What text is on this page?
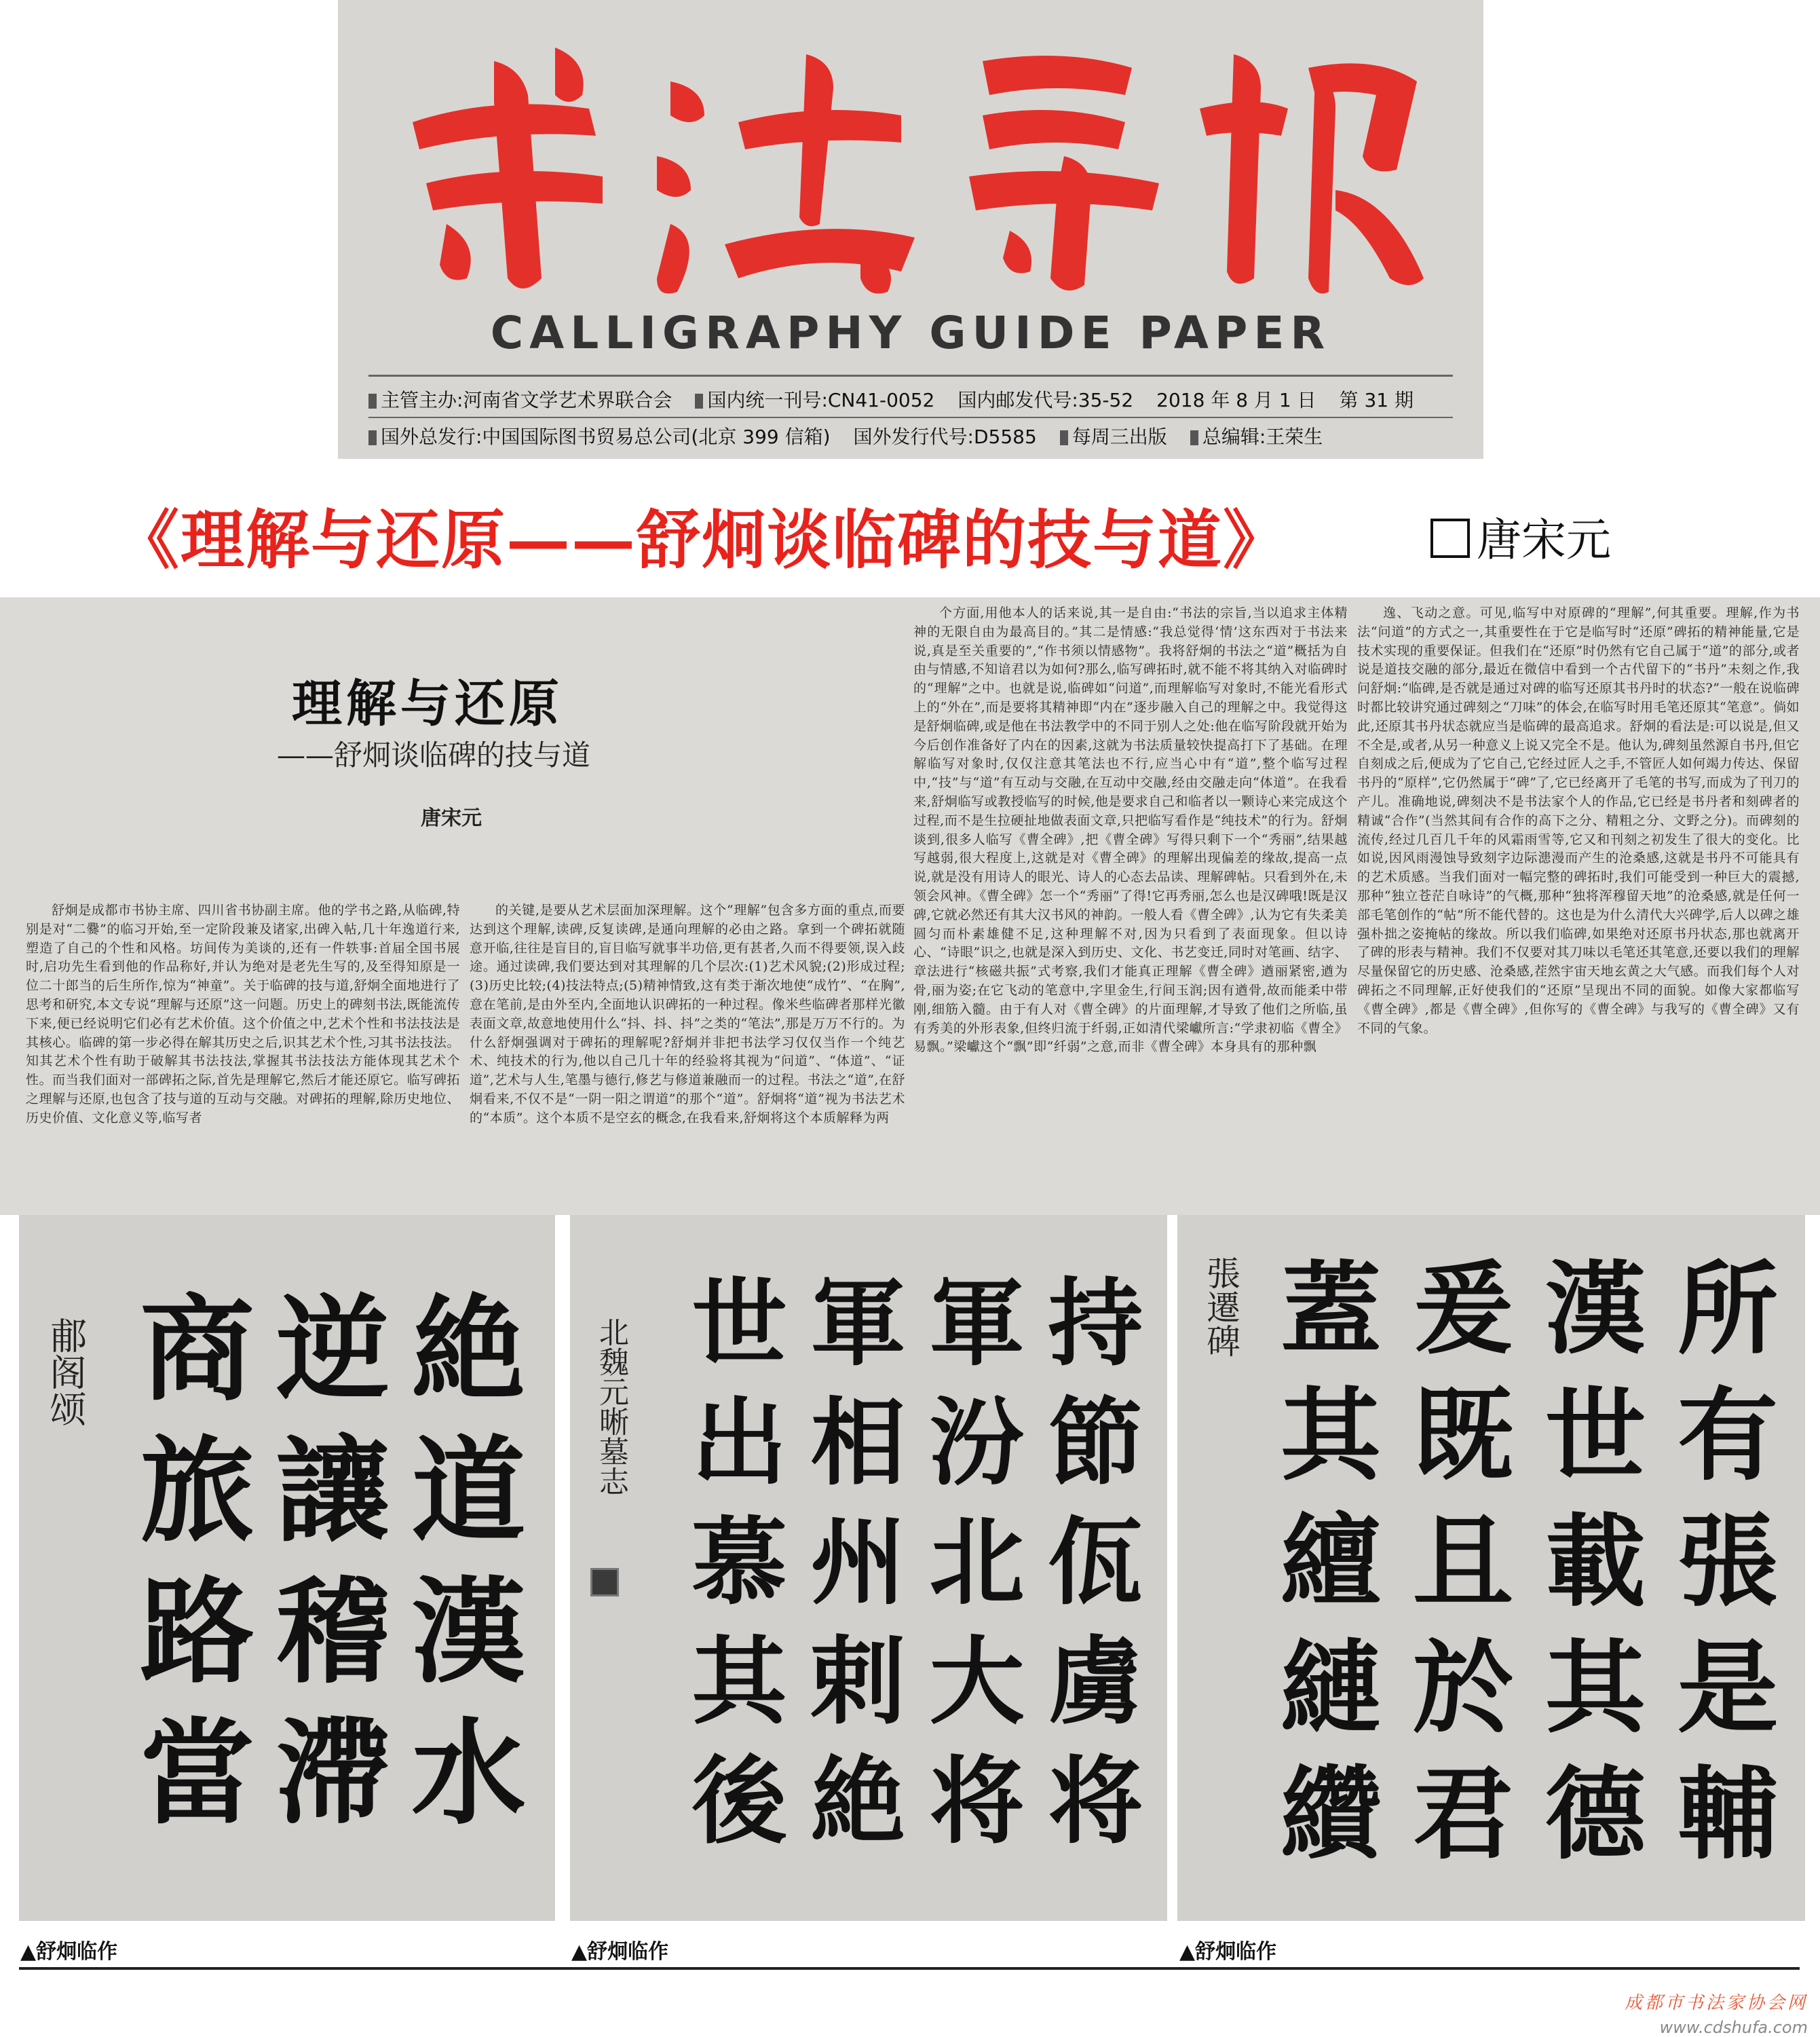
CALLIGRAPHY GUIDE PAPER
主管主办:河南省文学艺术界联合会	国内统一刊号:CN41-0052 国内邮发代号:35-52 2018 年 8 月 1 日 第 31 期
国外总发行:中国国际图书贸易总公司(北京 399 信箱) 国外发行代号:D5585	每周三出版	总编辑:王荣生
《理解与还原——舒炯谈临碑的技与道》	唐宋元
理解与还原
——舒炯谈临碑的技与道
唐宋元

舒炯是成都市书协主席、四川省书协副主席。他的学书之路,从临碑,特别是对“二爨”的临习开始,至一定阶段兼及诸家,出碑入帖,几十年逸道行来,塑造了自己的个性和风格。坊间传为美谈的,还有一件轶事:首届全国书展时,启功先生看到他的作品称好,并认为绝对是老先生写的,及至得知原是一位二十郎当的后生所作,惊为“神童”。关于临碑的技与道,舒炯全面地进行了思考和研究,本文专说“理解与还原”这一问题。历史上的碑刻书法,既能流传下来,便已经说明它们必有艺术价值。这个价值之中,艺术个性和书法技法是其核心。临碑的第一步必得在解其历史之后,识其艺术个性,习其书法技法。知其艺术个性有助于破解其书法技法,掌握其书法技法方能体现其艺术个性。而当我们面对一部碑拓之际,首先是理解它,然后才能还原它。临写碑拓之理解与还原,也包含了技与道的互动与交融。对碑拓的理解,除历史地位、历史价值、文化意义等,临写者

的关键,是要从艺术层面加深理解。这个“理解”包含多方面的重点,而要达到这个理解,读碑,反复读碑,是通向理解的必由之路。拿到一个碑拓就随意开临,往往是盲目的,盲目临写就事半功倍,更有甚者,久而不得要领,误入歧途。通过读碑,我们要达到对其理解的几个层次:(1)艺术风貌;(2)形成过程;(3)历史比较;(4)技法特点;(5)精神情致,这有类于渐次地使“成竹”、“在胸”,意在笔前,是由外至内,全面地认识碑拓的一种过程。像米些临碑者那样光徽表面文章,故意地使用什么“抖、抖、抖”之类的“笔法”,那是万万不行的。为什么舒炯强调对于碑拓的理解呢?舒炯并非把书法学习仅仅当作一个纯艺术、纯技术的行为,他以自己几十年的经验将其视为“问道”、“体道”、“证道”,艺术与人生,笔墨与德行,修艺与修道兼融而一的过程。书法之“道”,在舒炯看来,不仅不是“一阴一阳之谓道”的那个“道”。舒炯将“道”视为书法艺术的“本质”。这个本质不是空玄的概念,在我看来,舒炯将这个本质解释为两

个方面,用他本人的话来说,其一是自由:“书法的宗旨,当以追求主体精神的无限自由为最高目的。”其二是情感:“我总觉得‘情’这东西对于书法来说,真是至关重要的”,“作书须以情感物”。我将舒炯的书法之“道”概括为自由与情感,不知谙君以为如何?那么,临写碑拓时,就不能不将其纳入对临碑时的“理解”之中。也就是说,临碑如“问道”,而理解临写对象时,不能光看形式上的“外在”,而是要将其精神即“内在”逐步融入自己的理解之中。我觉得这是舒炯临碑,或是他在书法教学中的不同于别人之处:他在临写阶段就开始为今后创作准备好了内在的因素,这就为书法质量较快提高打下了基础。在理解临写对象时,仅仅注意其笔法也不行,应当心中有“道”,整个临写过程中,“技”与“道”有互动与交融,在互动中交融,经由交融走向“体道”。在我看来,舒炯临写或教授临写的时候,他是要求自己和临者以一颗诗心来完成这个过程,而不是生拉硬扯地做表面文章,只把临写看作是“纯技术”的行为。舒炯谈到,很多人临写《曹全碑》,把《曹全碑》写得只剩下一个“秀丽”,结果越写越弱,很大程度上,这就是对《曹全碑》的理解出现偏差的缘故,提高一点说,就是没有用诗人的眼光、诗人的心态去品读、理解碑帖。只看到外在,未领会风神。《曹全碑》怎一个“秀丽”了得!它再秀丽,怎么也是汉碑哦!既是汉碑,它就必然还有其大汉书风的神韵。一般人看《曹全碑》,认为它有失柔美圆匀而朴素雄健不足,这种理解不对,因为只看到了表面现象。但以诗心、“诗眼”识之,也就是深入到历史、文化、书艺变迁,同时对笔画、结字、章法进行“核磁共振”式考察,我们才能真正理解《曹全碑》遒丽紧密,遒为骨,丽为姿;在它飞动的笔意中,字里金生,行间玉润;因有遒骨,故而能柔中带刚,细筋入髓。由于有人对《曹全碑》的片面理解,才导致了他们之所临,虽有秀美的外形表象,但终归流于纤弱,正如清代梁巘所言:“学隶初临《曹全》易飘。”梁巘这个“飘”即“纤弱”之意,而非《曹全碑》本身具有的那种飘

逸、飞动之意。可见,临写中对原碑的“理解”,何其重要。理解,作为书法“问道”的方式之一,其重要性在于它是临写时“还原”碑拓的精神能量,它是技术实现的重要保证。但我们在“还原”时仍然有它自己属于“道”的部分,或者说是道技交融的部分,最近在微信中看到一个古代留下的“书丹”未刻之作,我问舒炯:“临碑,是否就是通过对碑的临写还原其书丹时的状态?”一般在说临碑时都比较讲究通过碑刻之“刀味”的体会,在临写时用毛笔还原其“笔意”。倘如此,还原其书丹状态就应当是临碑的最高追求。舒炯的看法是:可以说是,但又不全是,或者,从另一种意义上说又完全不是。他认为,碑刻虽然源自书丹,但它自刻成之后,便成为了它自己,它经过匠人之手,不管匠人如何竭力传达、保留书丹的“原样”,它仍然属于“碑”了,它已经离开了毛笔的书写,而成为了刊刀的产儿。准确地说,碑刻决不是书法家个人的作品,它已经是书丹者和刻碑者的精诚“合作”(当然其间有合作的高下之分、精粗之分、文野之分)。而碑刻的流传,经过几百几千年的风霜雨雪等,它又和刊刻之初发生了很大的变化。比如说,因风雨漫蚀导致刻字边际漶漫而产生的沧桑感,这就是书丹不可能具有的艺术质感。当我们面对一幅完整的碑拓时,我们可能受到一种巨大的震撼,那种“独立苍茫自咏诗”的气概,那种“独将浑穆留天地”的沧桑感,就是任何一部毛笔创作的“帖”所不能代替的。这也是为什么清代大兴碑学,后人以碑之雄强朴拙之姿掩帖的缘故。所以我们临碑,如果绝对还原书丹状态,那也就离开了碑的形表与精神。我们不仅要对其刀味以毛笔还其笔意,还要以我们的理解尽量保留它的历史感、沧桑感,茬然宇宙天地玄黄之大气感。而我们每个人对碑拓之不同理解,正好使我们的“还原”呈现出不同的面貌。如像大家都临写《曹全碑》,都是《曹全碑》,但你写的《曹全碑》与我写的《曹全碑》又有不同的气象。

絶道漢水
逆讓稽滯
商旅路當
郙阁颂	持節佤虜将
軍汾北大将
軍相州剌絶
世出慕其後
北魏元晰墓志	所有張是輔
漢世載其德
爰既且於君
蓋其繵縺纘
張遷碑
▲舒炯临作	▲舒炯临作	▲舒炯临作
成都市书法家协会网
www.cdshufa.com
